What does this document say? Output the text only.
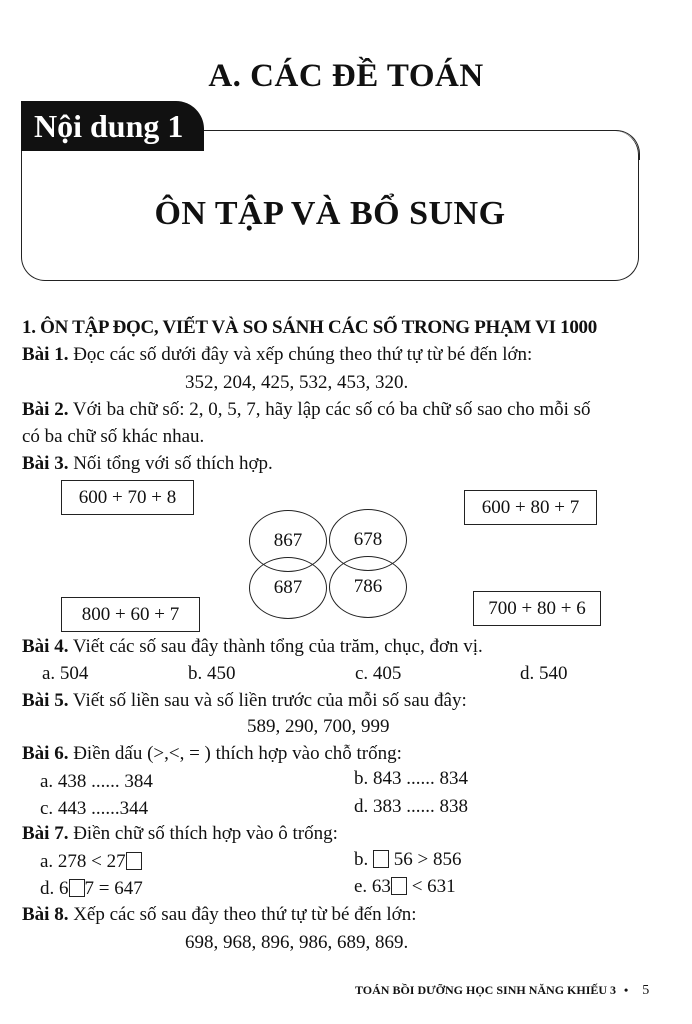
A. CÁC ĐỀ TOÁN
Nội dung 1
ÔN TẬP VÀ BỔ SUNG
1. ÔN TẬP ĐỌC, VIẾT VÀ SO SÁNH CÁC SỐ TRONG PHẠM VI 1000
Bài 1. Đọc các số dưới đây và xếp chúng theo thứ tự từ bé đến lớn:
352, 204, 425, 532, 453, 320.
Bài 2. Với ba chữ số: 2, 0, 5, 7, hãy lập các số có ba chữ số sao cho mỗi số
có ba chữ số khác nhau.
Bài 3. Nối tổng với số thích hợp.
600 + 70 + 8	600 + 80 + 7
800 + 60 + 7	700 + 80 + 6
867	678
687	786
Bài 4. Viết các số sau đây thành tổng của trăm, chục, đơn vị.
a. 504	b. 450	c. 405	d. 540
Bài 5. Viết số liền sau và số liền trước của mỗi số sau đây:
589, 290, 700, 999
Bài 6. Điền dấu (>,<, = ) thích hợp vào chỗ trống:
a. 438 ...... 384	b. 843 ...... 834
c. 443 ......344	d. 383 ...... 838
Bài 7. Điền chữ số thích hợp vào ô trống:
a. 278 < 27	b.  56 > 856
d. 6 7 = 647	e. 63 < 631
Bài 8. Xếp các số sau đây theo thứ tự từ bé đến lớn:
698, 968, 896, 986, 689, 869.
TOÁN BỒI DƯỠNG HỌC SINH NĂNG KHIẾU 3 • 5
